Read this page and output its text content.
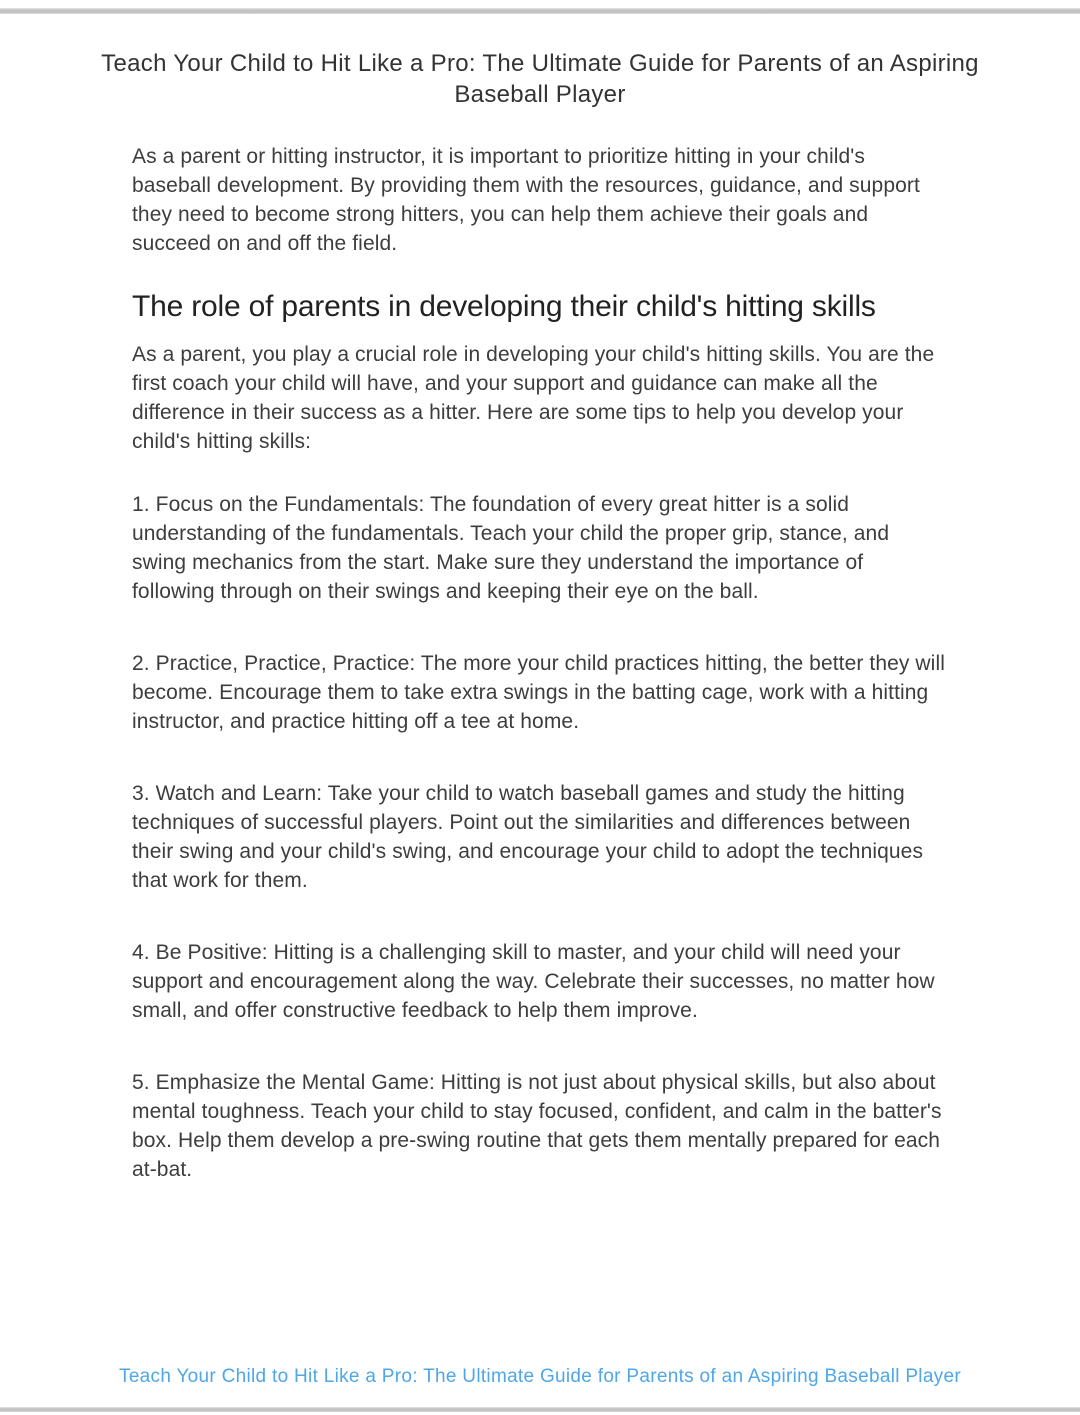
Teach Your Child to Hit Like a Pro: The Ultimate Guide for Parents of an Aspiring Baseball Player

As a parent or hitting instructor, it is important to prioritize hitting in your child's baseball development. By providing them with the resources, guidance, and support they need to become strong hitters, you can help them achieve their goals and succeed on and off the field.

The role of parents in developing their child's hitting skills

As a parent, you play a crucial role in developing your child's hitting skills. You are the first coach your child will have, and your support and guidance can make all the difference in their success as a hitter. Here are some tips to help you develop your child's hitting skills:

1. Focus on the Fundamentals: The foundation of every great hitter is a solid understanding of the fundamentals. Teach your child the proper grip, stance, and swing mechanics from the start. Make sure they understand the importance of following through on their swings and keeping their eye on the ball.

2. Practice, Practice, Practice: The more your child practices hitting, the better they will become. Encourage them to take extra swings in the batting cage, work with a hitting instructor, and practice hitting off a tee at home.

3. Watch and Learn: Take your child to watch baseball games and study the hitting techniques of successful players. Point out the similarities and differences between their swing and your child's swing, and encourage your child to adopt the techniques that work for them.

4. Be Positive: Hitting is a challenging skill to master, and your child will need your support and encouragement along the way. Celebrate their successes, no matter how small, and offer constructive feedback to help them improve.

5. Emphasize the Mental Game: Hitting is not just about physical skills, but also about mental toughness. Teach your child to stay focused, confident, and calm in the batter's box. Help them develop a pre-swing routine that gets them mentally prepared for each at-bat.

Teach Your Child to Hit Like a Pro: The Ultimate Guide for Parents of an Aspiring Baseball Player
